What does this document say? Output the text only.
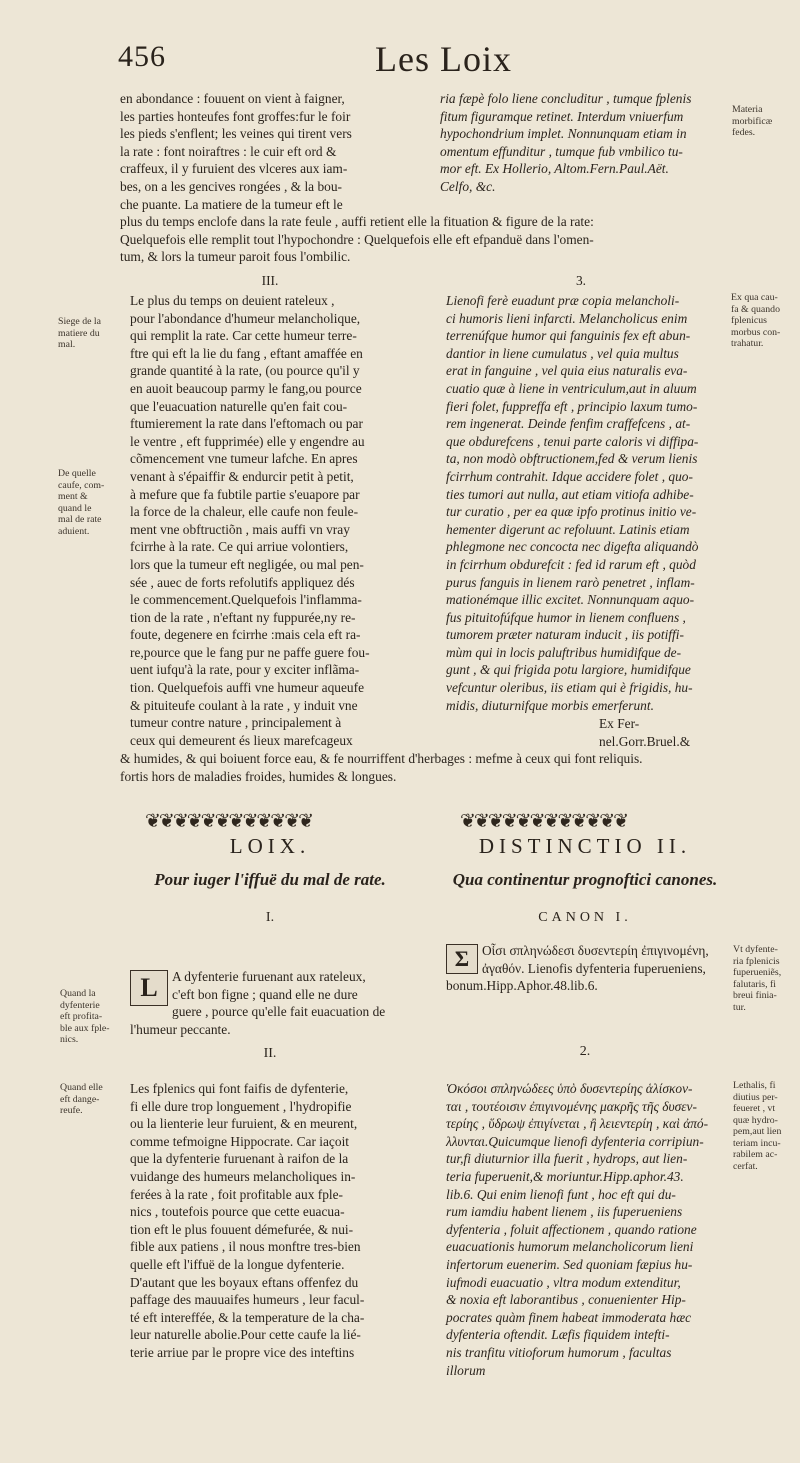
456	Les Loix
en abondance : fouuent on vient à faigner,
les parties honteufes font groffes:fur le foir
les pieds s'enflent; les veines qui tirent vers
la rate : font noiraftres : le cuir eft ord &
craffeux, il y furuient des vlceres aux iam-
bes, on a les gencives rongées , & la bou-
che puante. La matiere de la tumeur eft le
ria fæpè folo liene concluditur , tumque fplenis
fitum figuramque retinet. Interdum vniuerfum
hypochondrium implet. Nonnunquam etiam in
omentum effunditur , tumque fub vmbilico tu-
mor eft. Ex Hollerio, Altom.Fern.Paul.Aët.
Celfo, &c.
Materia
morbificæ
fedes.
plus du temps enclofe dans la rate feule , auffi retient elle la fituation & figure de la rate:
Quelquefois elle remplit tout l'hypochondre : Quelquefois elle eft efpanduë dans l'omen-
tum, & lors la tumeur paroit fous l'ombilic.
III.	3.
Siege de la
matiere du
mal.
De quelle
caufe, com-
ment &
quand le
mal de rate
aduient.
Ex qua cau-
fa & quando
fplenicus
morbus con-
trahatur.
Le plus du temps on deuient rateleux ,
pour l'abondance d'humeur melancholique,
qui remplit la rate. Car cette humeur terre-
ftre qui eft la lie du fang , eftant amaffée en
grande quantité à la rate, (ou pource qu'il y
en auoit beaucoup parmy le fang,ou pource
que l'euacuation naturelle qu'en fait cou-
ftumierement la rate dans l'eftomach ou par
le ventre , eft fupprimée) elle y engendre au
cõmencement vne tumeur lafche. En apres
venant à s'épaiffir & endurcir petit à petit,
à mefure que fa fubtile partie s'euapore par
la force de la chaleur, elle caufe non feule-
ment vne obftructiõn , mais auffi vn vray
fcirrhe à la rate. Ce qui arriue volontiers,
lors que la tumeur eft negligée, ou mal pen-
sée , auec de forts refolutifs appliquez dés
le commencement.Quelquefois l'inflamma-
tion de la rate , n'eftant ny fuppurée,ny re-
foute, degenere en fcirrhe :mais cela eft ra-
re,pource que le fang pur ne paffe guere fou-
uent iufqu'à la rate, pour y exciter inflãma-
tion. Quelquefois auffi vne humeur aqueufe
& pituiteufe coulant à la rate , y induit vne
tumeur contre nature , principalement à
ceux qui demeurent és lieux marefcageux
Lienofi ferè euadunt præ copia melancholi-
ci humoris lieni infarcti. Melancholicus enim
terrenúfque humor qui fanguinis fex eft abun-
dantior in liene cumulatus , vel quia multus
erat in fanguine , vel quia eius naturalis eva-
cuatio quæ à liene in ventriculum,aut in aluum
fieri folet, fuppreffa eft , principio laxum tumo-
rem ingenerat. Deinde fenfim craffefcens , at-
que obdurefcens , tenui parte caloris vi diffipa-
ta, non modò obftructionem,fed & verum lienis
fcirrhum contrahit. Idque accidere folet , quo-
ties tumori aut nulla, aut etiam vitiofa adhibe-
tur curatio , per ea quæ ipfo protinus initio ve-
hementer digerunt ac refoluunt. Latinis etiam
phlegmone nec concocta nec digefta aliquandò
in fcirrhum obdurefcit : fed id rarum eft , quòd
purus fanguis in lienem rarò penetret , inflam-
mationémque illic excitet. Nonnunquam aquo-
fus pituitofúfque humor in lienem confluens ,
tumorem præter naturam inducit , iis potiffi-
mùm qui in locis paluftribus humidifque de-
gunt , & qui frigida potu largiore, humidifque
vefcuntur oleribus, iis etiam qui è frigidis, hu-
midis, diuturnifque morbis emerferunt.
Ex Fer-
nel.Gorr.Bruel.& reliquis.
& humides, & qui boiuent force eau, & fe nourriffent d'herbages : mefme à ceux qui font
fortis hors de maladies froides, humides & longues.
❦❦❦❦❦❦❦❦❦❦❦❦	❦❦❦❦❦❦❦❦❦❦❦❦
LOIX.
Pour iuger l'iffuë du mal de rate.
I.
Quand la
dyfenterie
eft profita-
ble aux fple-
nics.
L	A dyfenterie furuenant aux rateleux,
c'eft bon figne ; quand elle ne dure
guere , pource qu'elle fait euacuation de
l'humeur peccante.
II.
Quand elle
eft dange-
reufe.
Les fplenics qui font faifis de dyfenterie,
fi elle dure trop longuement , l'hydropifie
ou la lienterie leur furuient, & en meurent,
comme tefmoigne Hippocrate. Car iaçoit
que la dyfenterie furuenant à raifon de la
vuidange des humeurs melancholiques in-
ferées à la rate , foit profitable aux fple-
nics , toutefois pource que cette euacua-
tion eft le plus fouuent démefurée, & nui-
fible aux patiens , il nous monftre tres-bien
quelle eft l'iffuë de la longue dyfenterie.
D'autant que les boyaux eftans offenfez du
paffage des mauuaifes humeurs , leur facul-
té eft intereffée, & la temperature de la cha-
leur naturelle abolie.Pour cette caufe la lié-
terie arriue par le propre vice des inteftins
DISTINCTIO II.
Qua continentur prognoftici canones.
CANON I.
Σ Οἷσι σπληνώδεσι δυσεντερίη ἐπιγινομένη,
ἀγαθόν. Lienofis dyfenteria fuperueniens,
bonum.Hipp.Aphor.48.lib.6.
Vt dyfente-
ria fplenicis
fuperueniẽs,
falutaris, fi
breui finia-
tur.
2.
Ὁκόσοι σπληνώδεες ὑπὸ δυσεντερίης ἁλίσκον-
ται , τουτέοισιν ἐπιγινομένης μακρῆς τῆς δυσεν-
τερίης , ὕδρωψ ἐπιγίνεται , ἢ λειεντερίη , καὶ ἀπό-
λλυνται.Quicumque lienofi dyfenteria corripiun-
tur,fi diuturnior illa fuerit , hydrops, aut lien-
teria fuperuenit,& moriuntur.Hipp.aphor.43.
lib.6. Qui enim lienofi funt , hoc eft qui du-
rum iamdiu habent lienem , iis fuperueniens
dyfenteria , foluit affectionem , quando ratione
euacuationis humorum melancholicorum lieni
infertorum eueneriт. Sed quoniam fæpius hu-
iufmodi euacuatio , vltra modum extenditur,
& noxia eft laborantibus , conuenienter Hip-
pocrates quàm finem habeat immoderata hæc
dyfenteria oftendit. Læfis fiquidem intefti-
nis tranfitu vitioforum humorum , facultas
illorum
Lethalis, fi
diutius per-
feueret , vt
quæ hydro-
pem,aut lien
teriam incu-
rabilem ac-
cerfat.
